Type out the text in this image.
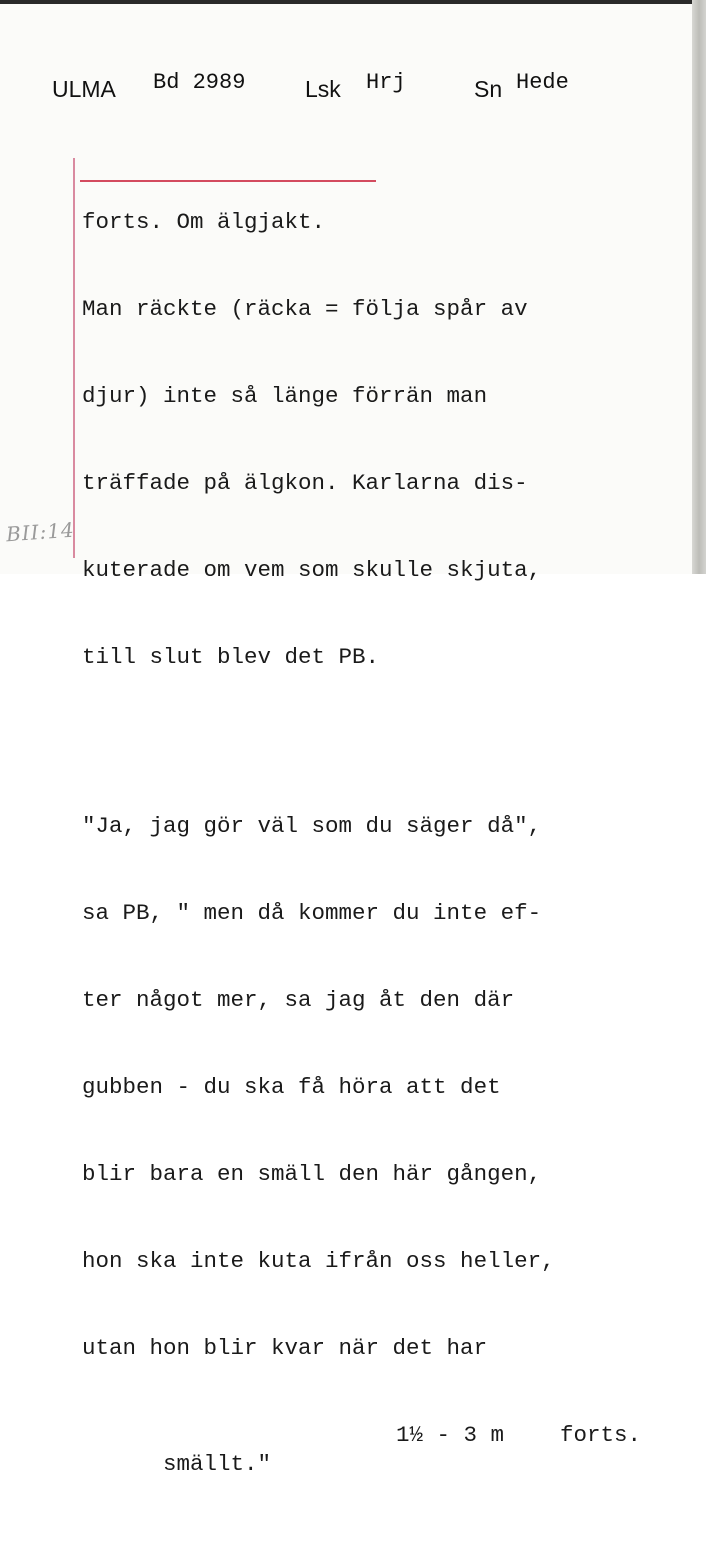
ULMA Bd 2989	Lsk Hrj	Sn Hede

forts. Om älgjakt.

Man räckte (räcka = följa spår av

djur) inte så länge förrän man

träffade på älgkon. Karlarna dis-

kuterade om vem som skulle skjuta,

till slut blev det PB.

"Ja, jag gör väl som du säger då",

sa PB, " men då kommer du inte ef-

ter något mer, sa jag åt den där

gubben - du ska få höra att det

blir bara en smäll den här gången,

hon ska inte kuta ifrån oss heller,

utan hon blir kvar när det har

smällt."

1½ - 3 m

forts.

BII:14
